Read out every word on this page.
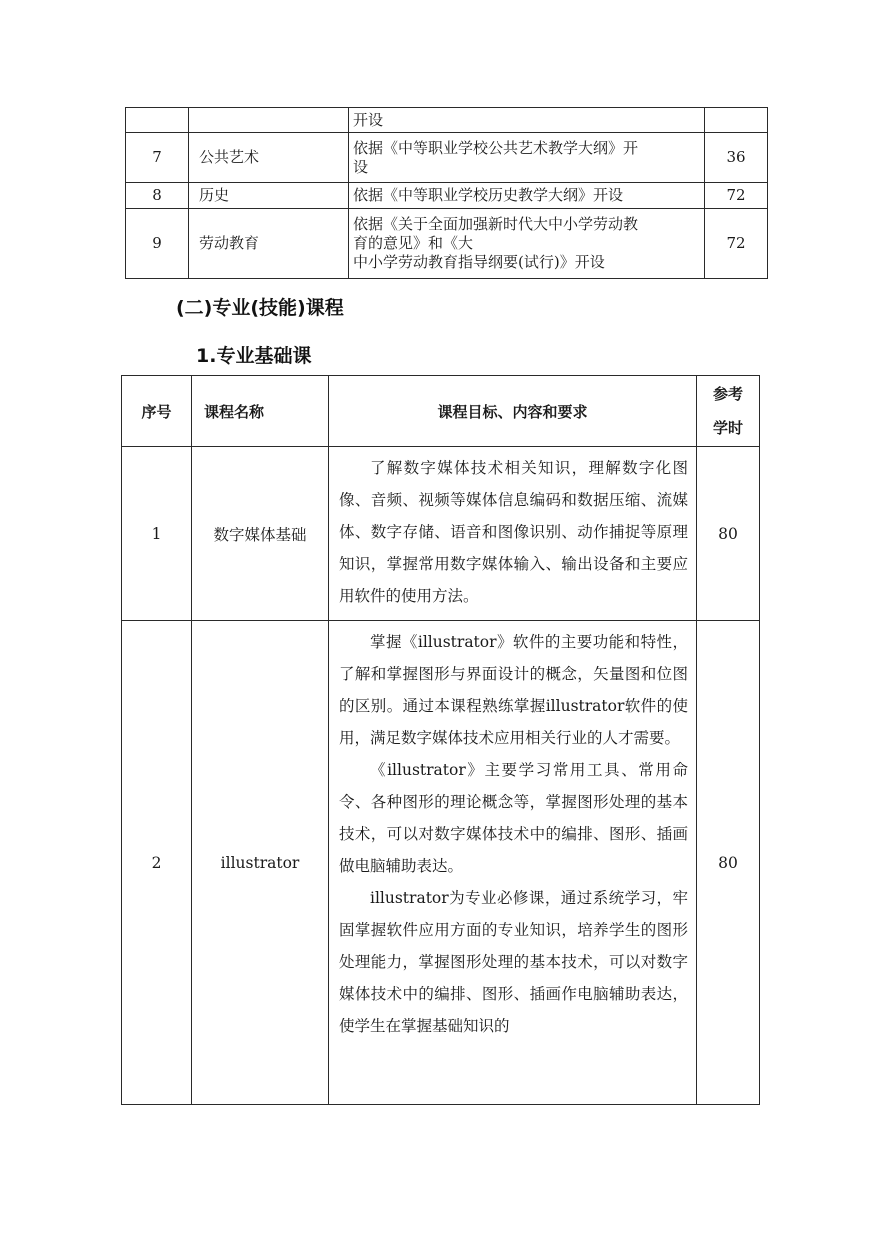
		开设	

7	公共艺术	依据《中等职业学校公共艺术教学大纲》开
设	36
8	历史	依据《中等职业学校历史教学大纲》开设	72
9	劳动教育	依据《关于全面加强新时代大中小学劳动教
育的意见》和《大
中小学劳动教育指导纲要(试行)》开设	72
(二)专业(技能)课程
1.专业基础课
序号	课程名称	课程目标、内容和要求	参考
学时

1	数字媒体基础	了解数字媒体技术相关知识，理解数字化图像、音频、视频等媒体信息编码和数据压缩、流媒体、数字存储、语音和图像识别、动作捕捉等原理知识，掌握常用数字媒体输入、输出设备和主要应用软件的使用方法。	80
2	illustrator	掌握《illustrator》软件的主要功能和特性，了解和掌握图形与界面设计的概念，矢量图和位图的区别。通过本课程熟练掌握illustrator软件的使用，满足数字媒体技术应用相关行业的人才需要。

《illustrator》主要学习常用工具、常用命令、各种图形的理论概念等，掌握图形处理的基本技术，可以对数字媒体技术中的编排、图形、插画做电脑辅助表达。

illustrator为专业必修课，通过系统学习，牢固掌握软件应用方面的专业知识，培养学生的图形处理能力，掌握图形处理的基本技术，可以对数字媒体技术中的编排、图形、插画作电脑辅助表达，使学生在掌握基础知识的	80
